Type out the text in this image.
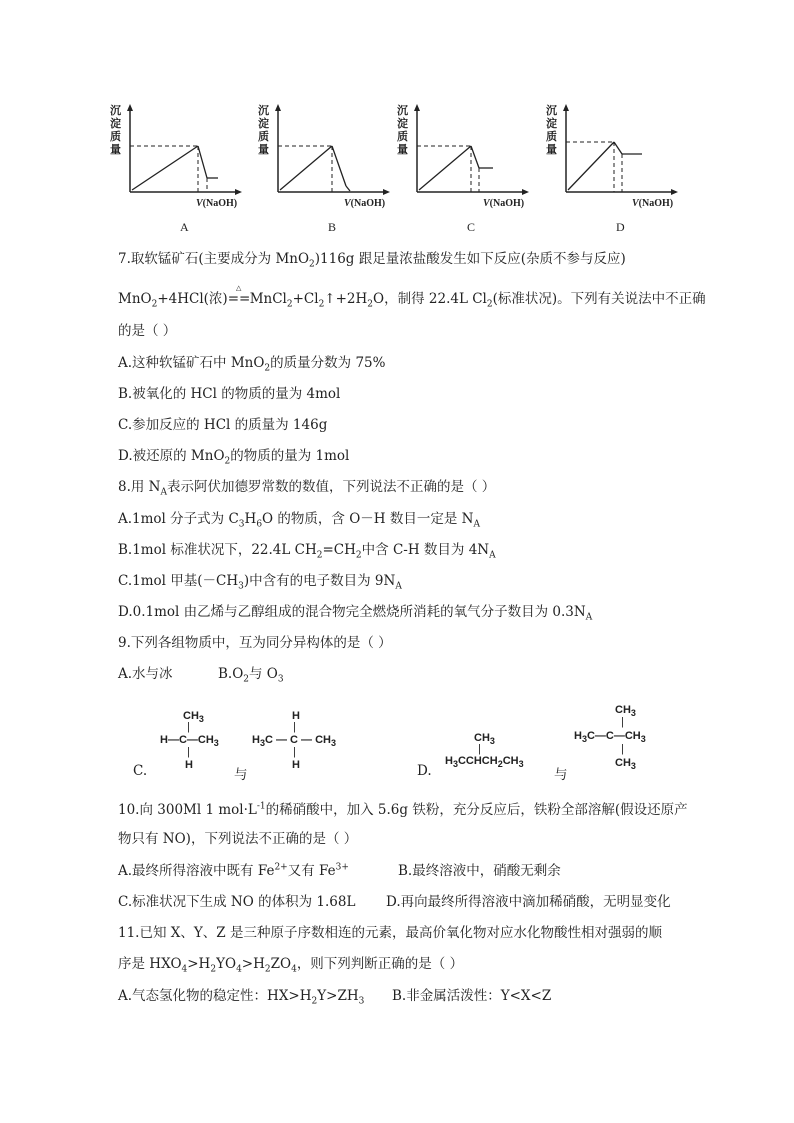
沉
淀
质
量
V(NaOH)
A
沉
淀
质
量
V(NaOH)
B
沉
淀
质
量
V(NaOH)
C
沉
淀
质
量
V(NaOH)
D
7.取软锰矿石(主要成分为 MnO$_2$)116g 跟足量浓盐酸发生如下反应(杂质不参与反应)
MnO$_2$+4HCl(浓)
△
$==MnCl_2+Cl_2↑+2H_2O$，制得 22.4L $Cl_2$(标准状况)。下列有关说法中不正确
的是（ ）
A.这种软锰矿石中 MnO$_2$的质量分数为 75%
B.被氧化的 HCl 的物质的量为 4mol
C.参加反应的 HCl 的质量为 146g
D.被还原的 MnO$_2$的物质的量为 1mol
8.用 $N_A$表示阿伏加德罗常数的数值，下列说法不正确的是（ ）
A.1mol 分子式为 $C_3H_6O$ 的物质，含 O－H 数目一定是 $N_A$
B.1mol 标准状况下，22.4L $CH_2=CH_2$中含 C-H 数目为 $4N_A$
C.1mol 甲基$(-CH_3)$中含有的电子数目为 $9N_A$
D.0.1mol 由乙烯与乙醇组成的混合物完全燃烧所消耗的氧气分子数目为 $0.3N_A$
9.下列各组物质中，互为同分异构体的是（ ）
A.水与冰	$B.O_2$与 $O_3$
C.
$CH_3$
|
$H—C—CH_3$
|
H
H
|
$H_3C$ — C — $CH_3$
|
H
与	D.
$CH_3$
|
$H_3CCHCH_2CH_3$
与
$CH_3$
|
$H_3C—C—CH_3$
|
$CH_3$
10.向 300Ml 1 $mol\cdot L^{-1}$的稀硝酸中，加入 5.6g 铁粉，充分反应后，铁粉全部溶解(假设还原产
物只有 NO)，下列说法不正确的是（ ）
A.最终所得溶液中既有 $Fe^{2+}$又有 $Fe^{3+}$	B.最终溶液中，硝酸无剩余
C.标准状况下生成 NO 的体积为 1.68L D.再向最终所得溶液中滴加稀硝酸，无明显变化
11.已知 X、Y、Z 是三种原子序数相连的元素，最高价氧化物对应水化物酸性相对强弱的顺
序是 $HXO_4>H_2YO_4>H_2ZO_4$，则下列判断正确的是（ ）
A.气态氢化物的稳定性：$HX>H_2Y>ZH_3$ B.非金属活泼性：Y<X<Z
